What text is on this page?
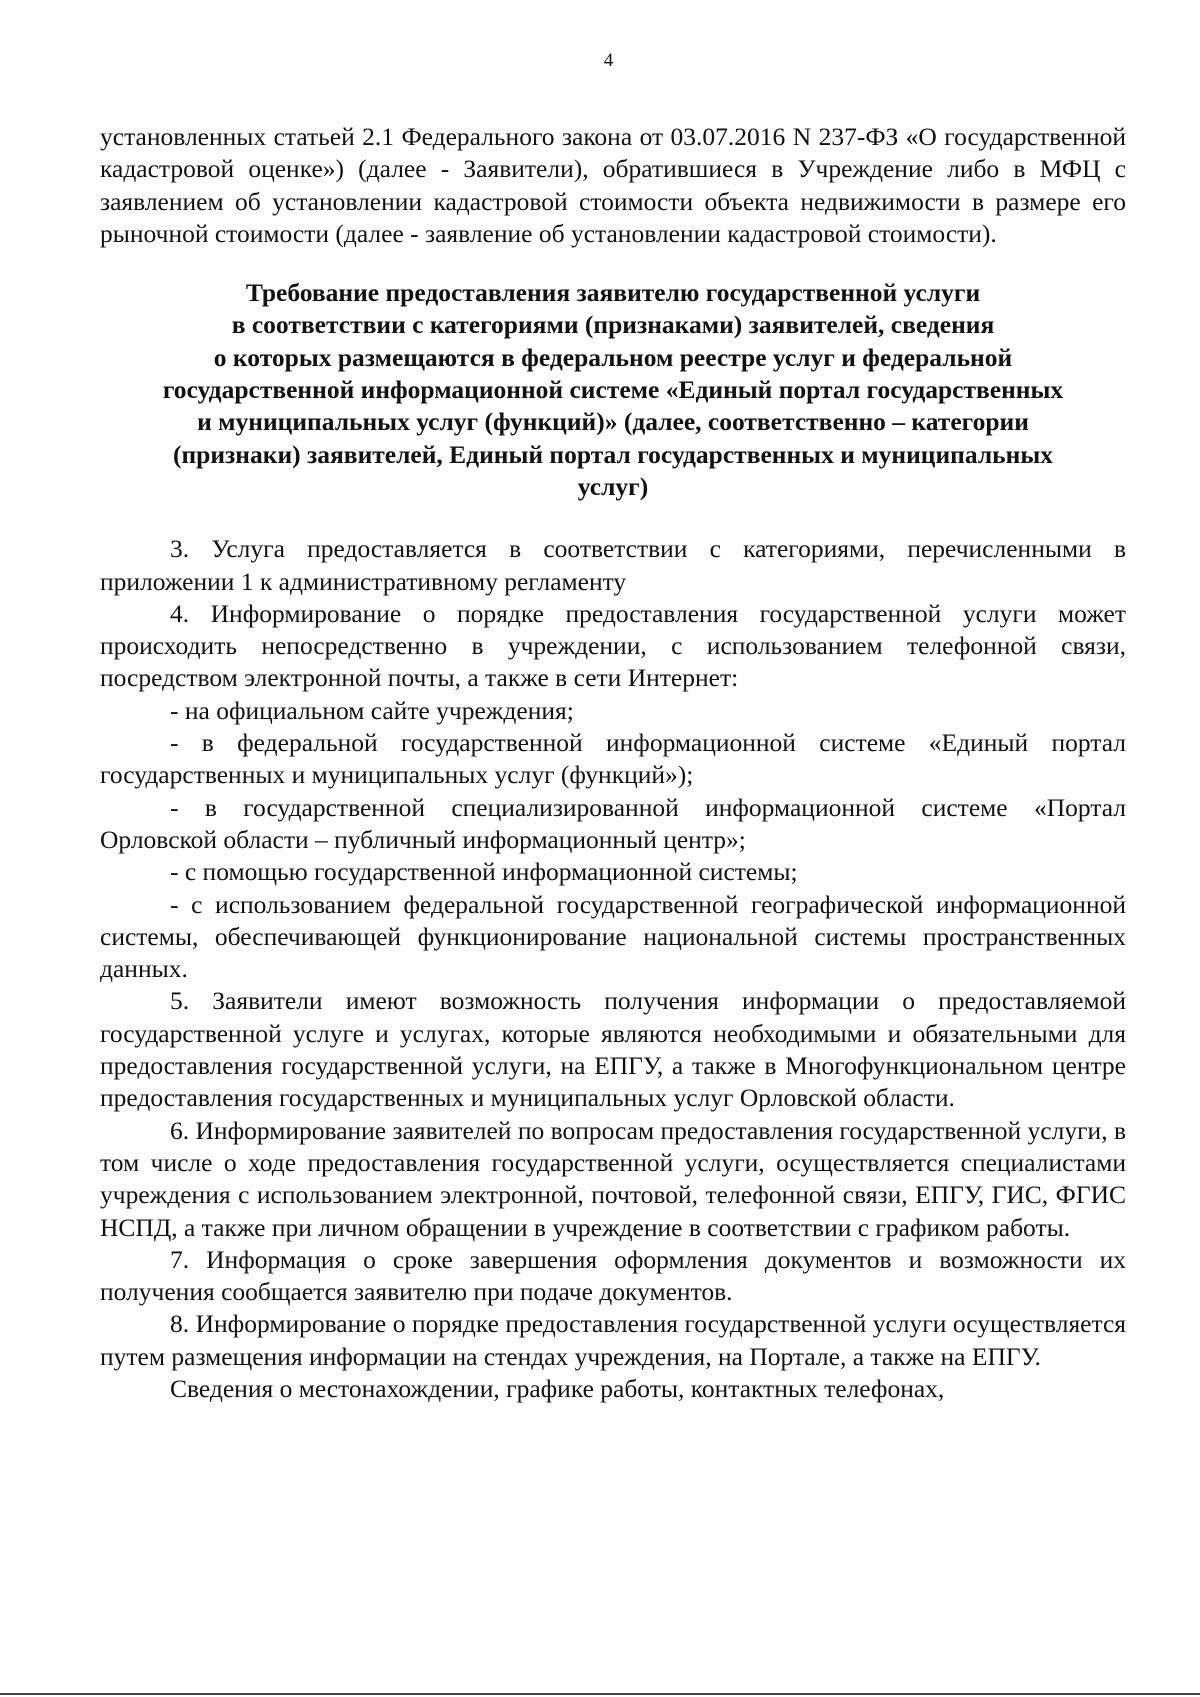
4

установленных статьей 2.1 Федерального закона от 03.07.2016 N 237-ФЗ «О государственной кадастровой оценке») (далее - Заявители), обратившиеся в Учреждение либо в МФЦ с заявлением об установлении кадастровой стоимости объекта недвижимости в размере его рыночной стоимости (далее - заявление об установлении кадастровой стоимости).

Требование предоставления заявителю государственной услуги
в соответствии с категориями (признаками) заявителей, сведения
о которых размещаются в федеральном реестре услуг и федеральной
государственной информационной системе «Единый портал государственных
и муниципальных услуг (функций)» (далее, соответственно – категории
(признаки) заявителей, Единый портал государственных и муниципальных
услуг)

3. Услуга предоставляется в соответствии с категориями, перечисленными в приложении 1 к административному регламенту

4. Информирование о порядке предоставления государственной услуги может происходить непосредственно в учреждении, с использованием телефонной связи, посредством электронной почты, а также в сети Интернет:

- на официальном сайте учреждения;

- в федеральной государственной информационной системе «Единый портал государственных и муниципальных услуг (функций»);

- в государственной специализированной информационной системе «Портал Орловской области – публичный информационный центр»;

- с помощью государственной информационной системы;

- с использованием федеральной государственной географической информационной системы, обеспечивающей функционирование национальной системы пространственных данных.

5. Заявители имеют возможность получения информации о предоставляемой государственной услуге и услугах, которые являются необходимыми и обязательными для предоставления государственной услуги, на ЕПГУ, а также в Многофункциональном центре предоставления государственных и муниципальных услуг Орловской области.

6. Информирование заявителей по вопросам предоставления государственной услуги, в том числе о ходе предоставления государственной услуги, осуществляется специалистами учреждения с использованием электронной, почтовой, телефонной связи, ЕПГУ, ГИС, ФГИС НСПД, а также при личном обращении в учреждение в соответствии с графиком работы.

7. Информация о сроке завершения оформления документов и возможности их получения сообщается заявителю при подаче документов.

8. Информирование о порядке предоставления государственной услуги осуществляется путем размещения информации на стендах учреждения, на Портале, а также на ЕПГУ.

Сведения о местонахождении, графике работы, контактных телефонах,
